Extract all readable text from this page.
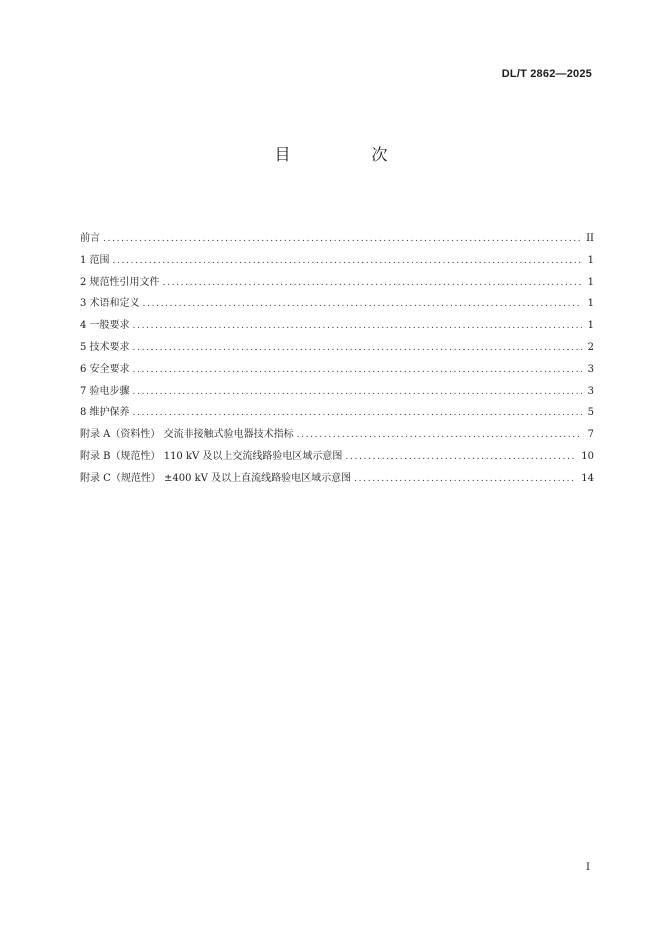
DL/T 2862—2025
目 次
前言 . . .	II
1 范围 . . .	1
2 规范性引用文件 . . .	1
3 术语和定义 . . .	1
4 一般要求 . . .	1
5 技术要求 . . .	2
6 安全要求 . . .	3
7 验电步骤 . . .	3
8 维护保养 . . .	5
附录 A（资料性） 交流非接触式验电器技术指标 . . .	7
附录 B（规范性） 110 kV 及以上交流线路验电区域示意图 . . .	10
附录 C（规范性） ±400 kV 及以上直流线路验电区域示意图 . . .	14
I
